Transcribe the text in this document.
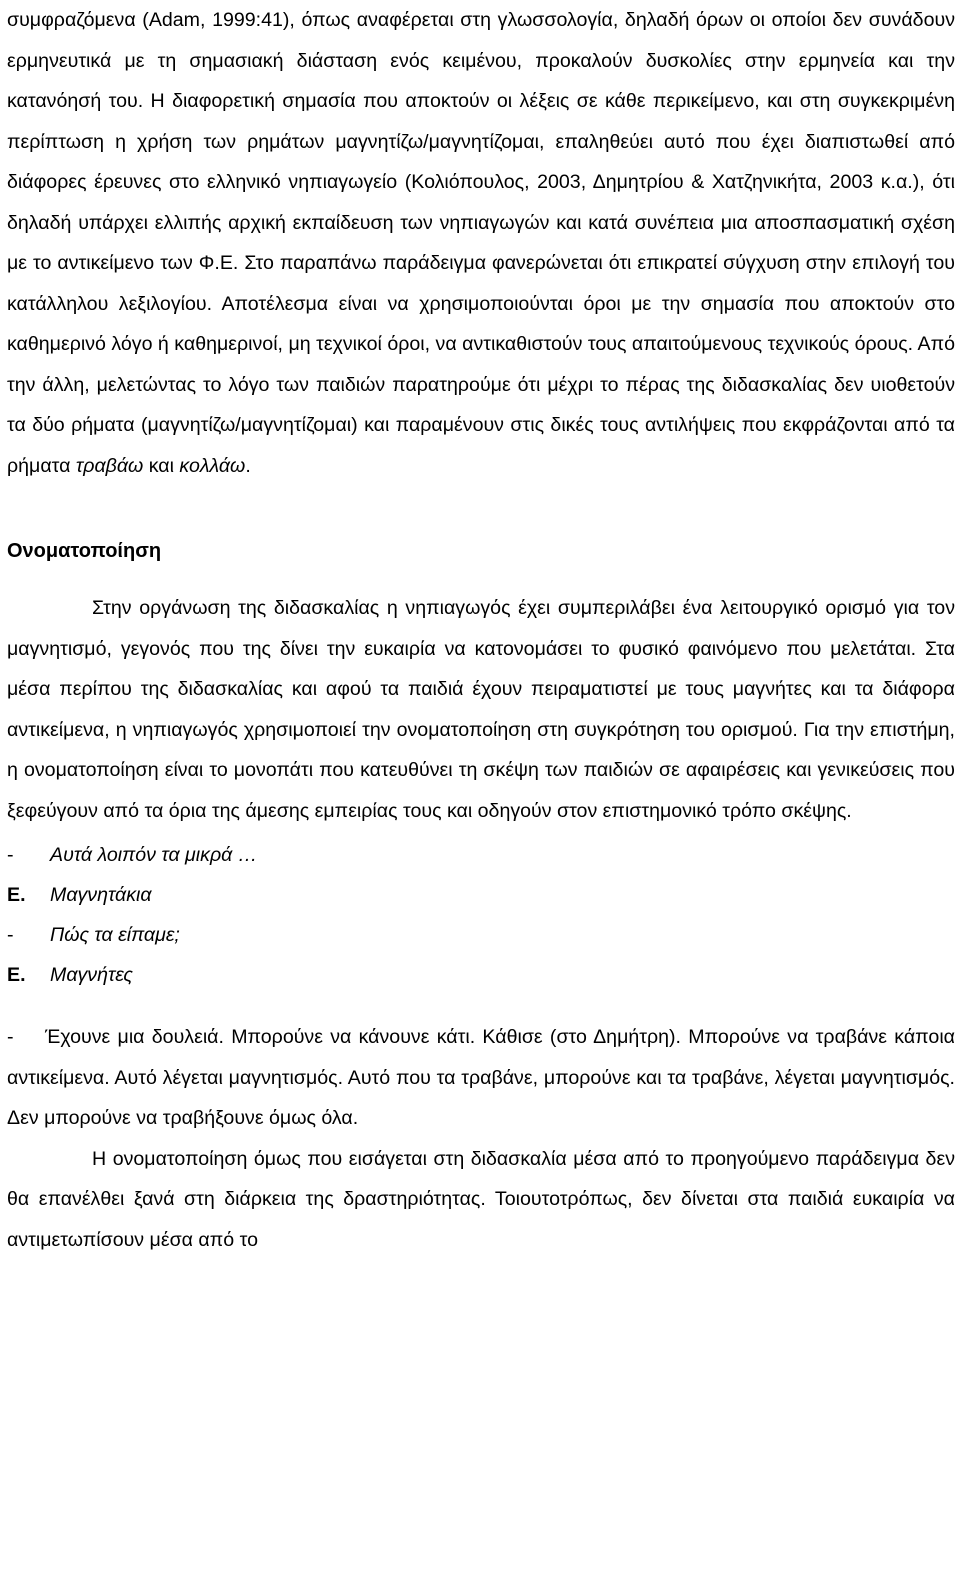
συμφραζόμενα (Adam, 1999:41), όπως αναφέρεται στη γλωσσολογία, δηλαδή όρων οι οποίοι δεν συνάδουν ερμηνευτικά με τη σημασιακή διάσταση ενός κειμένου, προκαλούν δυσκολίες στην ερμηνεία και την κατανόησή του. Η διαφορετική σημασία που αποκτούν οι λέξεις σε κάθε περικείμενο, και στη συγκεκριμένη περίπτωση η χρήση των ρημάτων μαγνητίζω/μαγνητίζομαι, επαληθεύει αυτό που έχει διαπιστωθεί από διάφορες έρευνες στο ελληνικό νηπιαγωγείο (Κολιόπουλος, 2003, Δημητρίου & Χατζηνικήτα, 2003 κ.α.), ότι δηλαδή υπάρχει ελλιπής αρχική εκπαίδευση των νηπιαγωγών και κατά συνέπεια μια αποσπασματική σχέση με το αντικείμενο των Φ.Ε. Στο παραπάνω παράδειγμα φανερώνεται ότι επικρατεί σύγχυση στην επιλογή του κατάλληλου λεξιλογίου. Αποτέλεσμα είναι να χρησιμοποιούνται όροι με την σημασία που αποκτούν στο καθημερινό λόγο ή καθημερινοί, μη τεχνικοί όροι, να αντικαθιστούν τους απαιτούμενους τεχνικούς όρους. Από την άλλη, μελετώντας το λόγο των παιδιών παρατηρούμε ότι μέχρι το πέρας της διδασκαλίας δεν υιοθετούν τα δύο ρήματα (μαγνητίζω/μαγνητίζομαι) και παραμένουν στις δικές τους αντιλήψεις που εκφράζονται από τα ρήματα τραβάω και κολλάω.

Ονοματοποίηση

Στην οργάνωση της διδασκαλίας η νηπιαγωγός έχει συμπεριλάβει ένα λειτουργικό ορισμό για τον μαγνητισμό, γεγονός που της δίνει την ευκαιρία να κατονομάσει το φυσικό φαινόμενο που μελετάται. Στα μέσα περίπου της διδασκαλίας και αφού τα παιδιά έχουν πειραματιστεί με τους μαγνήτες και τα διάφορα αντικείμενα, η νηπιαγωγός χρησιμοποιεί την ονοματοποίηση στη συγκρότηση του ορισμού. Για την επιστήμη, η ονοματοποίηση είναι το μονοπάτι που κατευθύνει τη σκέψη των παιδιών σε αφαιρέσεις και γενικεύσεις που ξεφεύγουν από τα όρια της άμεσης εμπειρίας τους και οδηγούν στον επιστημονικό τρόπο σκέψης.

-	Αυτά λοιπόν τα μικρά …
Ε.	Μαγνητάκια
-	Πώς τα είπαμε;
Ε.	Μαγνήτες

- Έχουνε μια δουλειά. Μπορούνε να κάνουνε κάτι. Κάθισε (στο Δημήτρη). Μπορούνε να τραβάνε κάποια αντικείμενα. Αυτό λέγεται μαγνητισμός. Αυτό που τα τραβάνε, μπορούνε και τα τραβάνε, λέγεται μαγνητισμός. Δεν μπορούνε να τραβήξουνε όμως όλα.

Η ονοματοποίηση όμως που εισάγεται στη διδασκαλία μέσα από το προηγούμενο παράδειγμα δεν θα επανέλθει ξανά στη διάρκεια της δραστηριότητας. Τοιουτοτρόπως, δεν δίνεται στα παιδιά ευκαιρία να αντιμετωπίσουν μέσα από το
